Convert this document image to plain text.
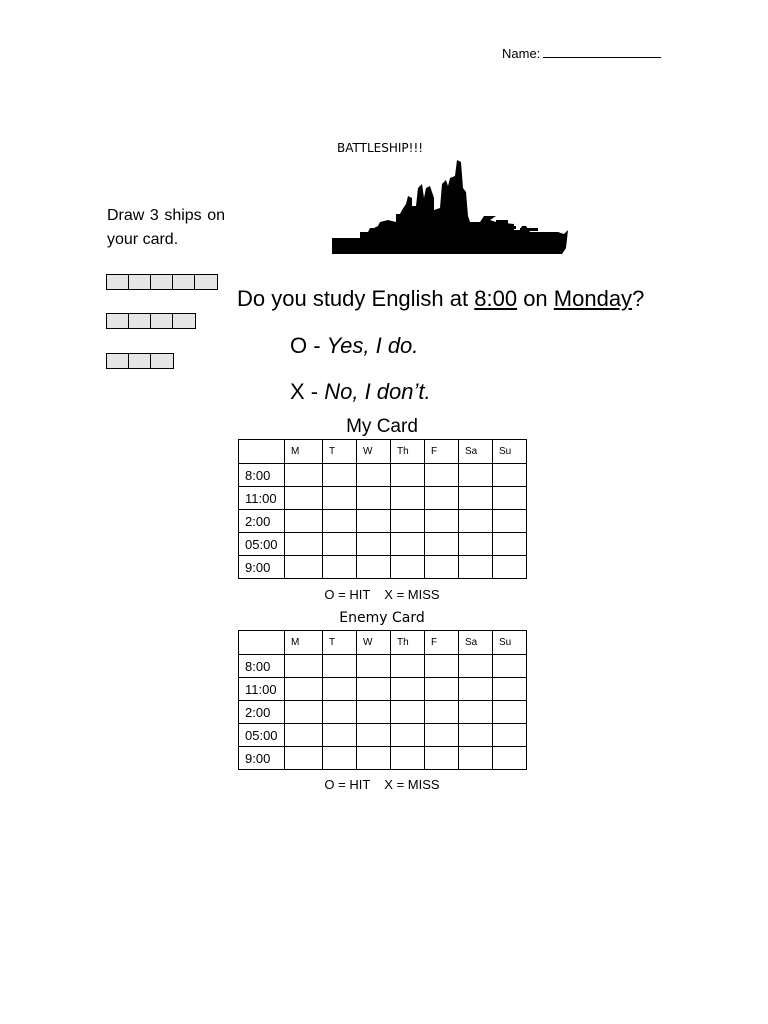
Name:
BATTLESHIP!!!
Draw 3 ships on your card.
Do you study English at 8:00 on Monday?
O - Yes, I do.
X - No, I don’t.
My Card
	M	T	W	Th	F	Sa	Su
8:00							
11:00							
2:00							
05:00							
9:00							
O = HIT X = MISS
Enemy Card
	M	T	W	Th	F	Sa	Su
8:00							
11:00							
2:00							
05:00							
9:00							
O = HIT X = MISS
